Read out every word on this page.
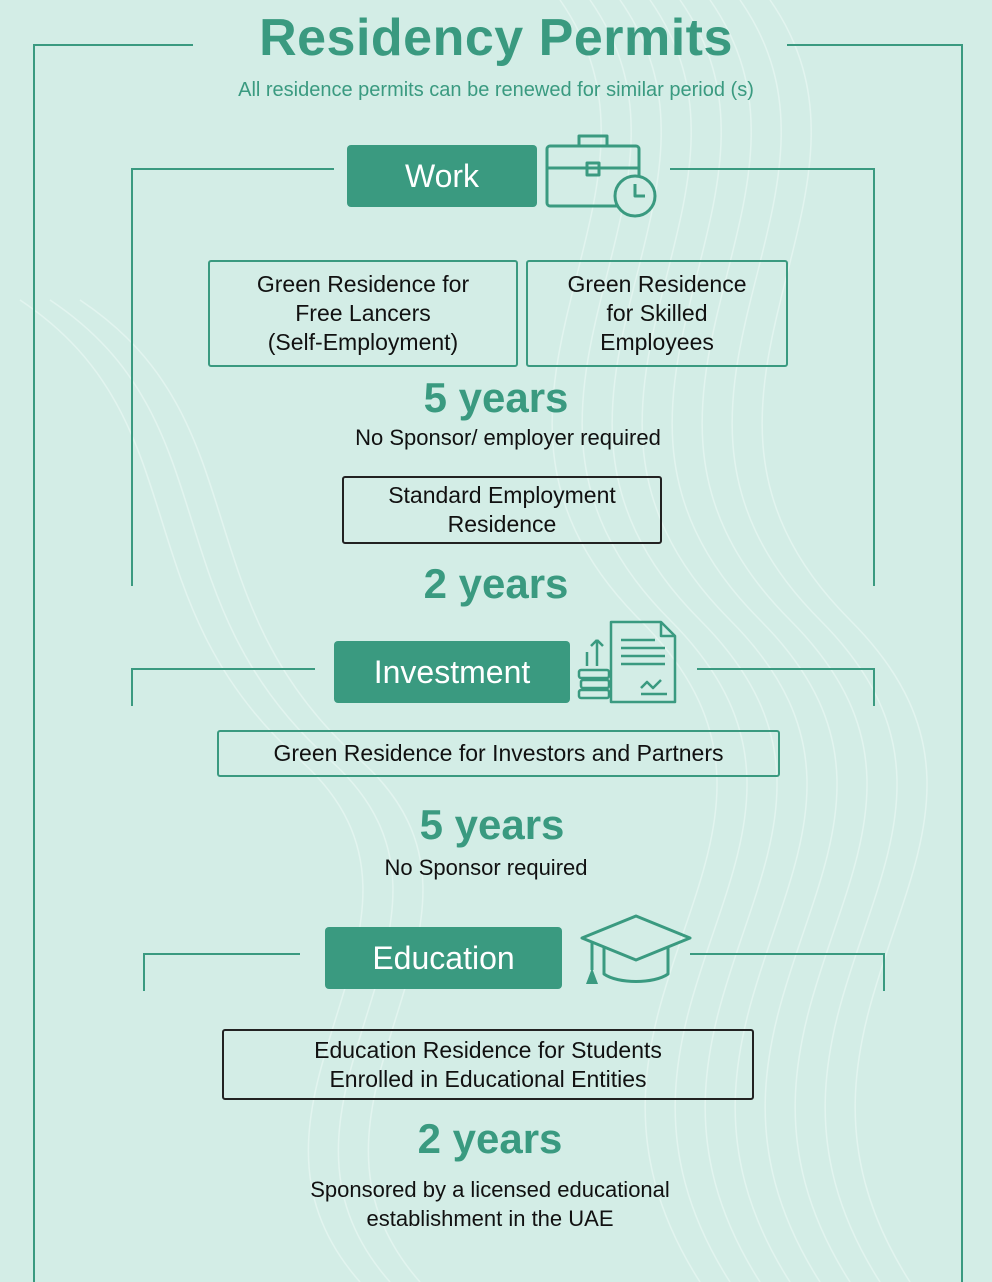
Residency Permits
All residence permits can be renewed for similar period (s)
Work
Green Residence for
Free Lancers
(Self-Employment)
Green Residence
for Skilled
Employees
5 years
No Sponsor/ employer required
Standard Employment
Residence
2 years
Investment
Green Residence for Investors and Partners
5 years
No Sponsor required
Education
Education Residence for Students
Enrolled in Educational Entities
2 years
Sponsored by a licensed educational
establishment in the UAE
